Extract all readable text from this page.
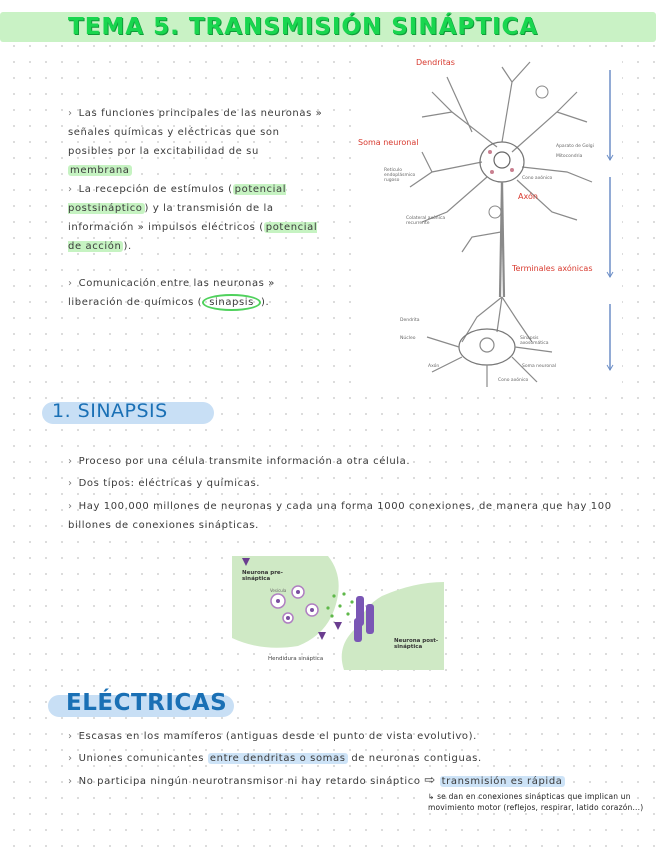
TEMA 5. TRANSMISIÓN SINÁPTICA
› Las funciones principales de las neuronas » señales químicas y eléctricas que son posibles por la excitabilidad de su membrana
› La recepción de estímulos ( potencial postsináptico ) y la transmisión de la información » impulsos eléctricos ( potencial de acción ).
› Comunicación entre las neuronas » liberación de químicos ( sinapsis ).
Dendritas
Soma neuronal
Axón
Terminales axónicas
Aparato de Golgi
Mitocondria
Cono axónico
Retículo endoplásmico rugoso
Colateral axónica recurrente
Dendrita
Núcleo
Axón
Sinapsis axosomática
Soma neuronal
Cono axónico
1. SINAPSIS
› Proceso por una célula transmite información a otra célula.
› Dos tipos: eléctricas y químicas.
› Hay 100.000 millones de neuronas y cada una forma 1000 conexiones, de manera que hay 100 billones de conexiones sinápticas.
Neurona pre-sináptica
Vesícula
Neurona post-sináptica
Hendidura sináptica
ELÉCTRICAS
› Escasas en los mamíferos (antiguas desde el punto de vista evolutivo).
› Uniones comunicantes entre dendritas o somas de neuronas contiguas.
› No participa ningún neurotransmisor ni hay retardo sináptico ⇨ transmisión es rápida
↳ se dan en conexiones sinápticas que implican un movimiento motor (reflejos, respirar, latido corazón...)
